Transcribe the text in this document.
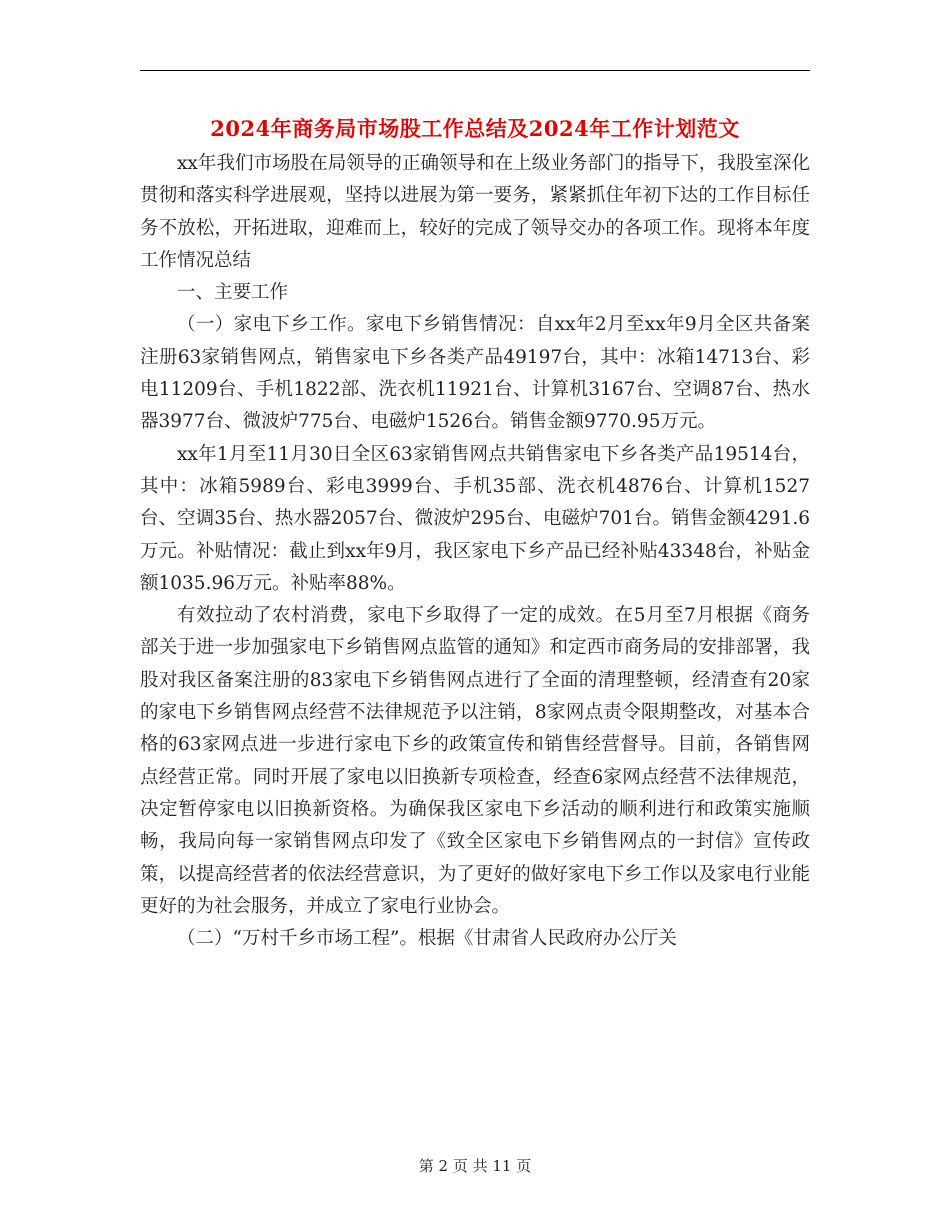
2024年商务局市场股工作总结及2024年工作计划范文

xx年我们市场股在局领导的正确领导和在上级业务部门的指导下，我股室深化贯彻和落实科学进展观，坚持以进展为第一要务，紧紧抓住年初下达的工作目标任务不放松，开拓进取，迎难而上，较好的完成了领导交办的各项工作。现将本年度工作情况总结

一、主要工作

（一）家电下乡工作。家电下乡销售情况：自xx年2月至xx年9月全区共备案注册63家销售网点，销售家电下乡各类产品49197台，其中：冰箱14713台、彩电11209台、手机1822部、洗衣机11921台、计算机3167台、空调87台、热水器3977台、微波炉775台、电磁炉1526台。销售金额9770.95万元。

xx年1月至11月30日全区63家销售网点共销售家电下乡各类产品19514台，其中：冰箱5989台、彩电3999台、手机35部、洗衣机4876台、计算机1527台、空调35台、热水器2057台、微波炉295台、电磁炉701台。销售金额4291.6万元。补贴情况：截止到xx年9月，我区家电下乡产品已经补贴43348台，补贴金额1035.96万元。补贴率88%。

有效拉动了农村消费，家电下乡取得了一定的成效。在5月至7月根据《商务部关于进一步加强家电下乡销售网点监管的通知》和定西市商务局的安排部署，我股对我区备案注册的83家电下乡销售网点进行了全面的清理整顿，经清查有20家的家电下乡销售网点经营不法律规范予以注销，8家网点责令限期整改，对基本合格的63家网点进一步进行家电下乡的政策宣传和销售经营督导。目前，各销售网点经营正常。同时开展了家电以旧换新专项检查，经查6家网点经营不法律规范，决定暂停家电以旧换新资格。为确保我区家电下乡活动的顺利进行和政策实施顺畅，我局向每一家销售网点印发了《致全区家电下乡销售网点的一封信》宣传政策，以提高经营者的依法经营意识，为了更好的做好家电下乡工作以及家电行业能更好的为社会服务，并成立了家电行业协会。

（二）“万村千乡市场工程”。根据《甘肃省人民政府办公厅关

第 2 页 共 11 页
